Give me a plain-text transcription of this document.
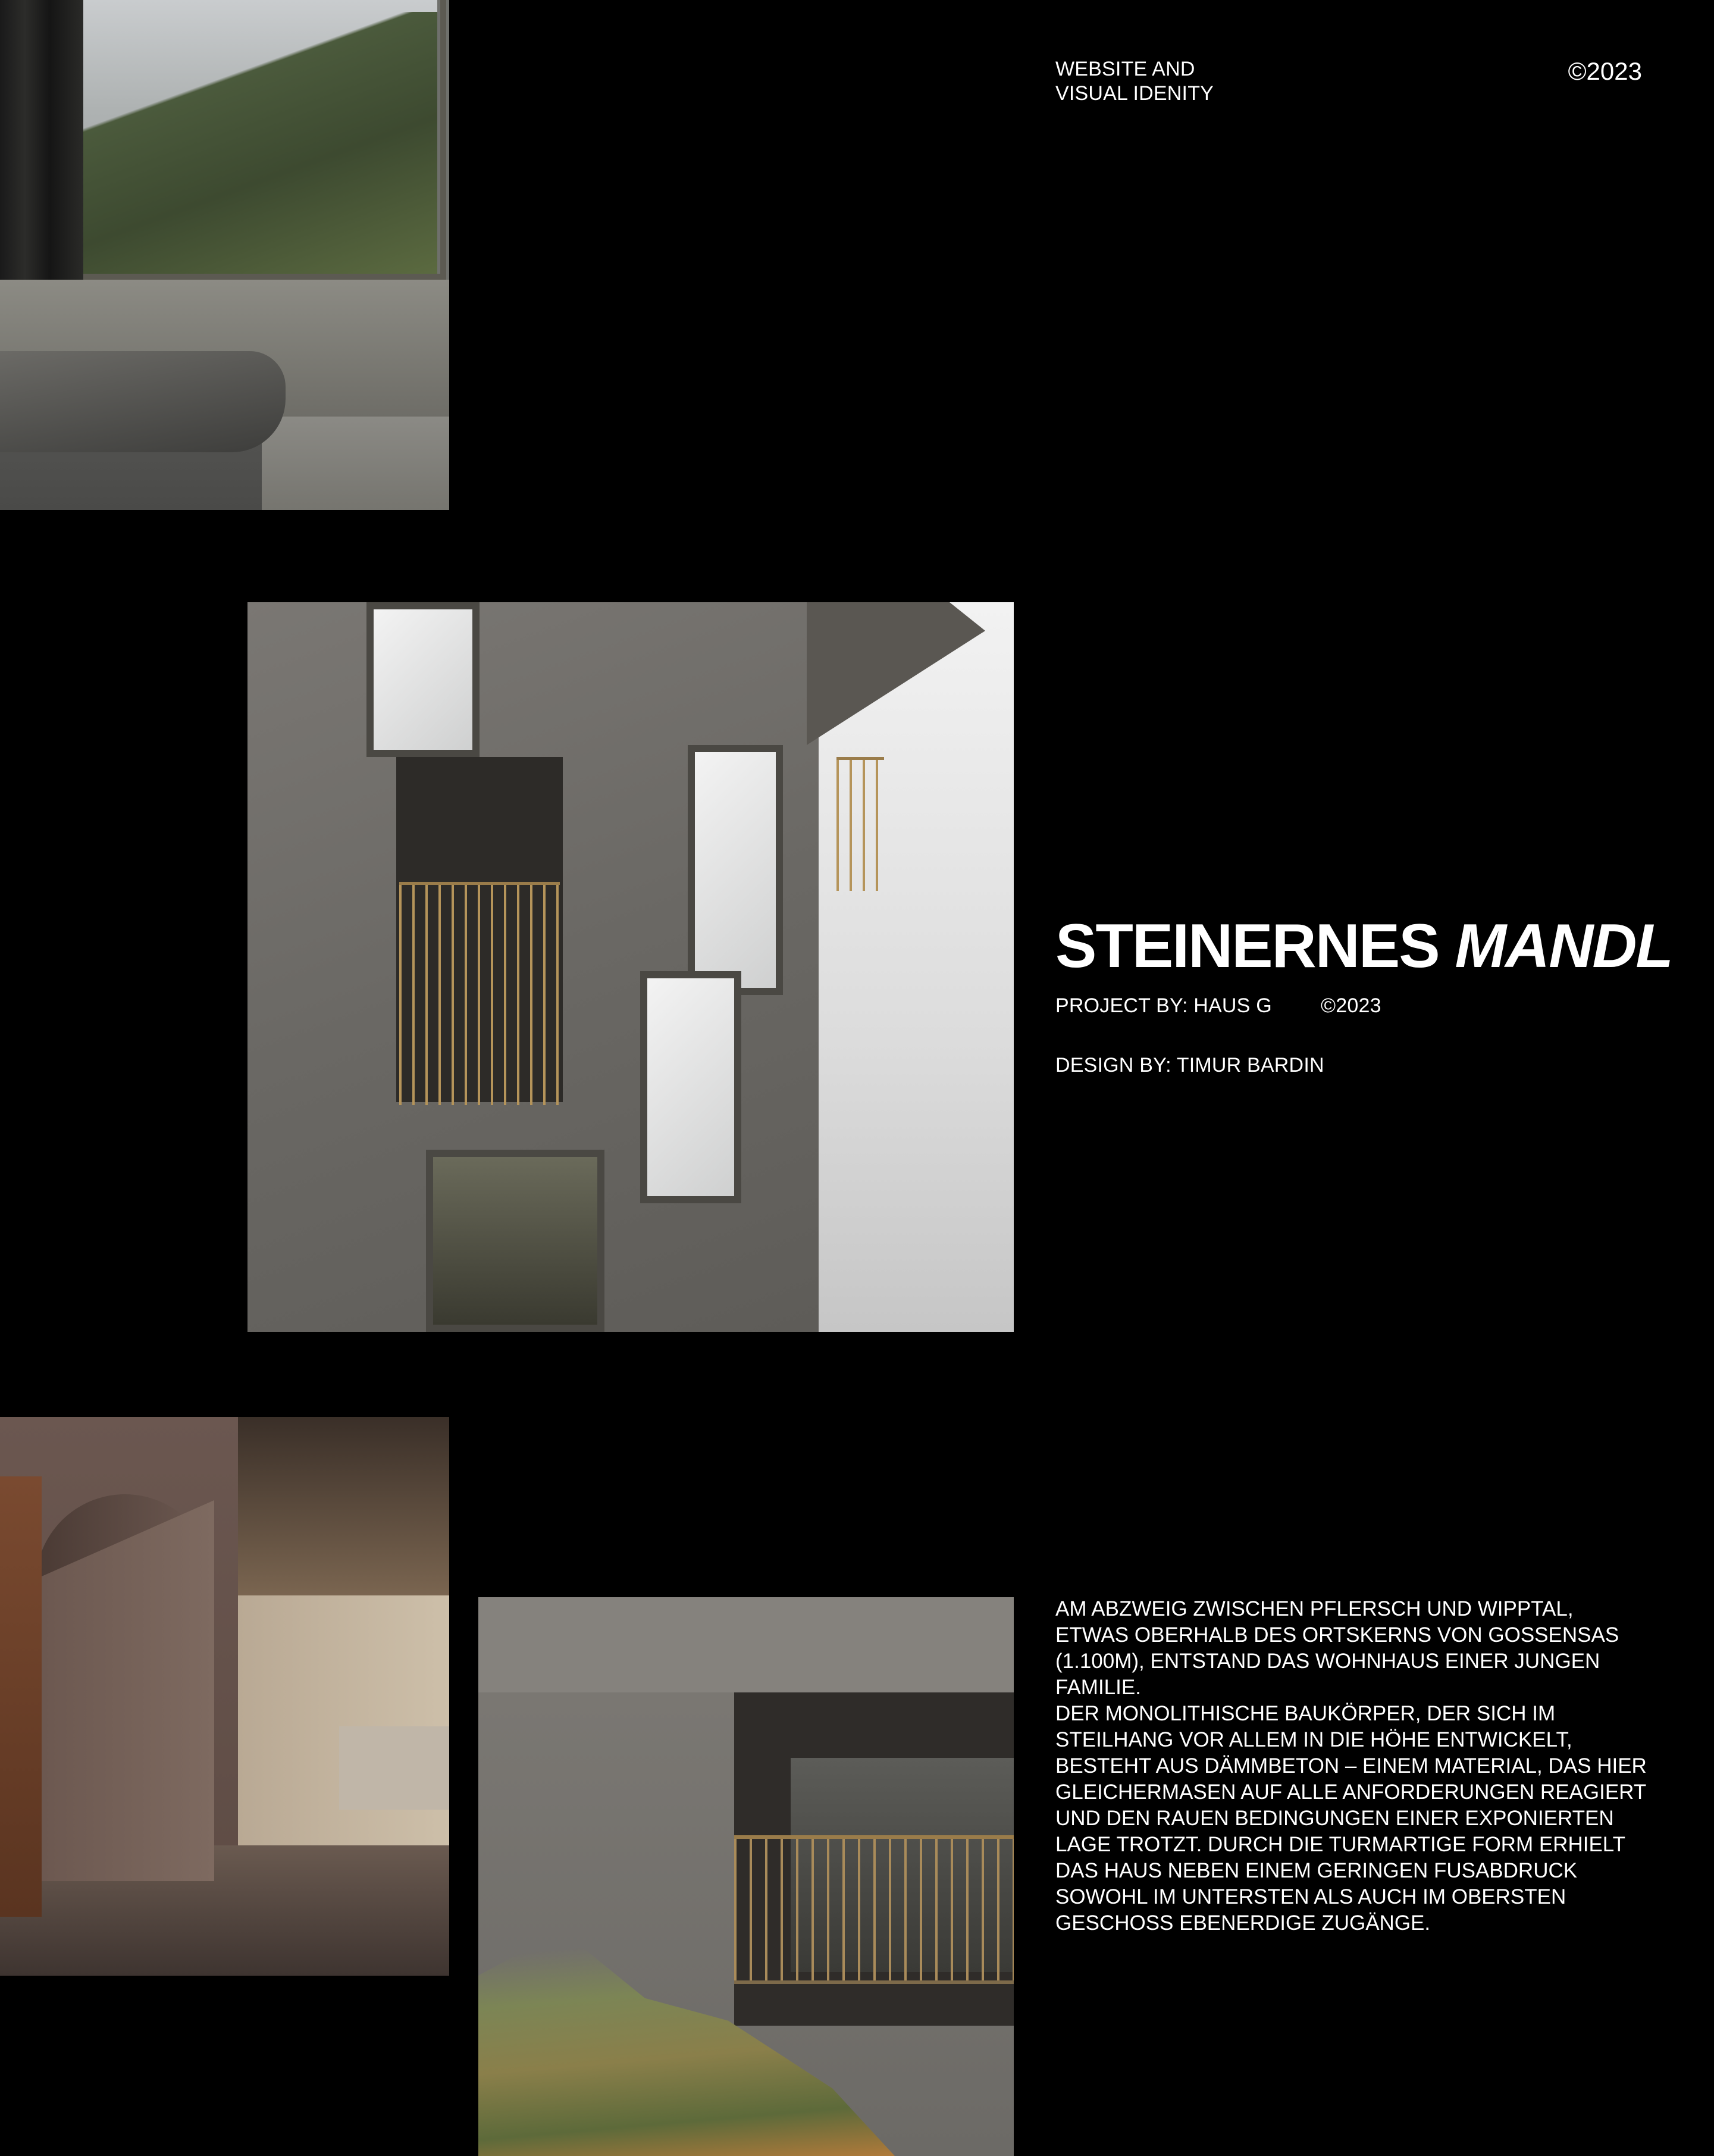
WEBSITE AND
VISUAL IDENITY
©2023
STEINERNES MANDL
PROJECT BY: HAUS G ©2023
DESIGN BY: TIMUR BARDIN
AM ABZWEIG ZWISCHEN PFLERSCH UND WIPPTAL, ETWAS OBERHALB DES ORTSKERNS VON GOSSENSAS (1.100M), ENTSTAND DAS WOHNHAUS EINER JUNGEN FAMILIE.
DER MONOLITHISCHE BAUKÖRPER, DER SICH IM STEILHANG VOR ALLEM IN DIE HÖHE ENTWICKELT, BESTEHT AUS DÄMMBETON – EINEM MATERIAL, DAS HIER GLEICHERMASEN AUF ALLE ANFORDERUNGEN REAGIERT UND DEN RAUEN BEDINGUNGEN EINER EXPONIERTEN LAGE TROTZT. DURCH DIE TURMARTIGE FORM ERHIELT DAS HAUS NEBEN EINEM GERINGEN FUSABDRUCK SOWOHL IM UNTERSTEN ALS AUCH IM OBERSTEN GESCHOSS EBENERDIGE ZUGÄNGE.
